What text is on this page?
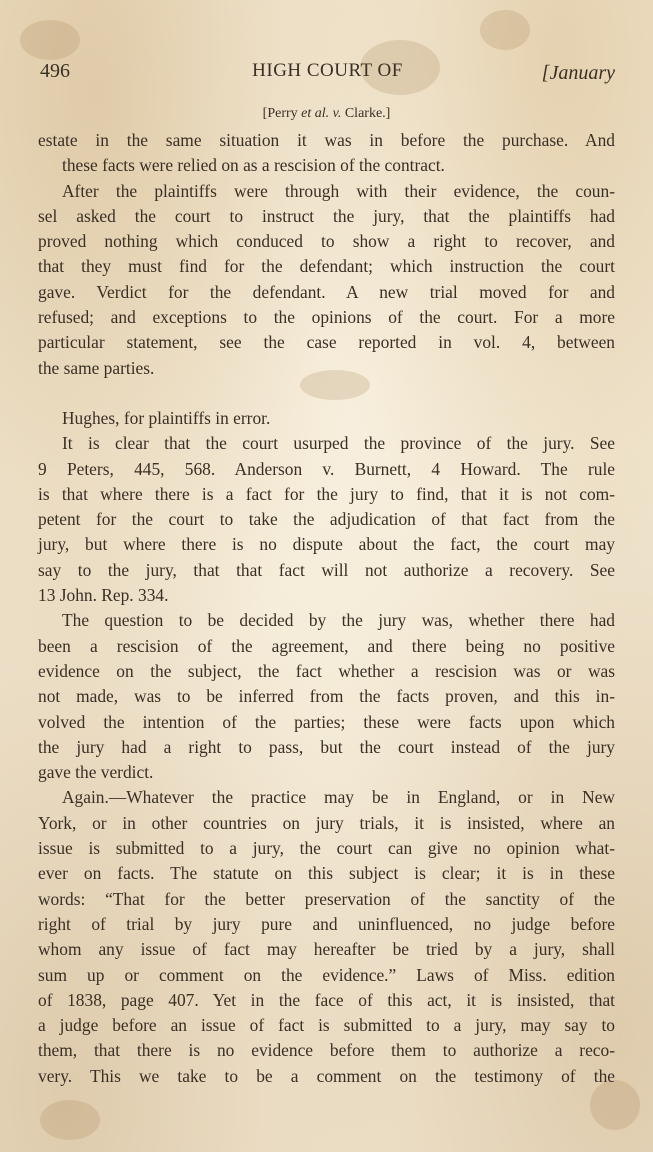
496	HIGH COURT OF	[January
[Perry et al. v. Clarke.]
estate in the same situation it was in before the purchase. And
these facts were relied on as a rescision of the contract.
After the plaintiffs were through with their evidence, the coun-
sel asked the court to instruct the jury, that the plaintiffs had
proved nothing which conduced to show a right to recover, and
that they must find for the defendant; which instruction the court
gave. Verdict for the defendant. A new trial moved for and
refused; and exceptions to the opinions of the court. For a more
particular statement, see the case reported in vol. 4, between
the same parties.
Hughes, for plaintiffs in error.
It is clear that the court usurped the province of the jury. See
9 Peters, 445, 568. Anderson v. Burnett, 4 Howard. The rule
is that where there is a fact for the jury to find, that it is not com-
petent for the court to take the adjudication of that fact from the
jury, but where there is no dispute about the fact, the court may
say to the jury, that that fact will not authorize a recovery. See
13 John. Rep. 334.
The question to be decided by the jury was, whether there had
been a rescision of the agreement, and there being no positive
evidence on the subject, the fact whether a rescision was or was
not made, was to be inferred from the facts proven, and this in-
volved the intention of the parties; these were facts upon which
the jury had a right to pass, but the court instead of the jury
gave the verdict.
Again.—Whatever the practice may be in England, or in New
York, or in other countries on jury trials, it is insisted, where an
issue is submitted to a jury, the court can give no opinion what-
ever on facts. The statute on this subject is clear; it is in these
words: “That for the better preservation of the sanctity of the
right of trial by jury pure and uninfluenced, no judge before
whom any issue of fact may hereafter be tried by a jury, shall
sum up or comment on the evidence.” Laws of Miss. edition
of 1838, page 407. Yet in the face of this act, it is insisted, that
a judge before an issue of fact is submitted to a jury, may say to
them, that there is no evidence before them to authorize a reco-
very. This we take to be a comment on the testimony of the
